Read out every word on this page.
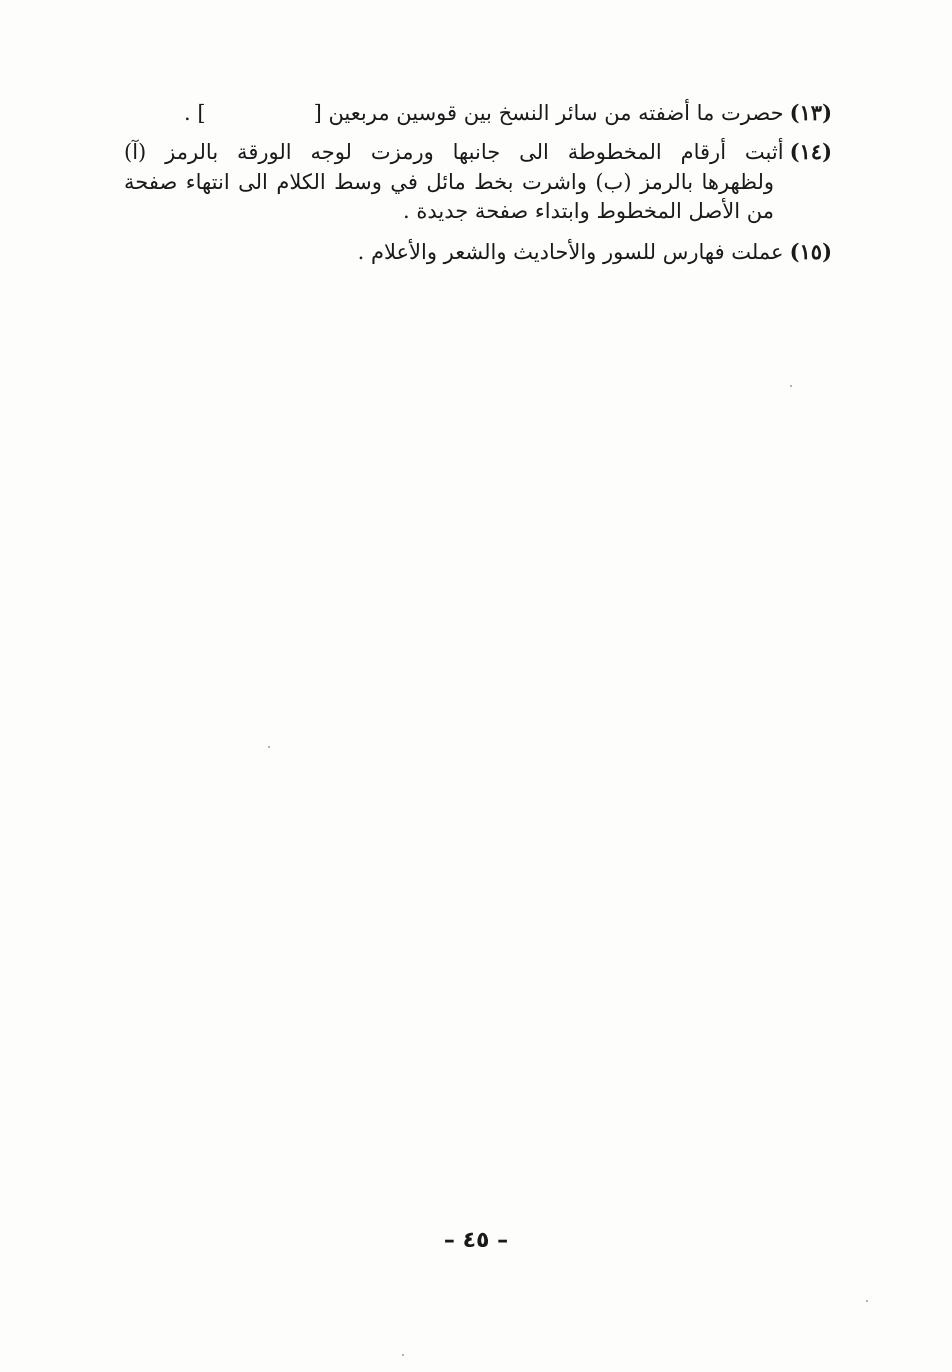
(١٣)حصرت ما أضفته من سائر النسخ بين قوسين مربعين [] .

(١٤)أثبت أرقام المخطوطة الى جانبها ورمزت لوجه الورقة بالرمز (آ)
ولظهرها بالرمز (ب) واشرت بخط مائل في وسط الكلام الى انتهاء صفحة
من الأصل المخطوط وابتداء صفحة جديدة .

(١٥)عملت فهارس للسور والأحاديث والشعر والأعلام .

– ٤٥ –
